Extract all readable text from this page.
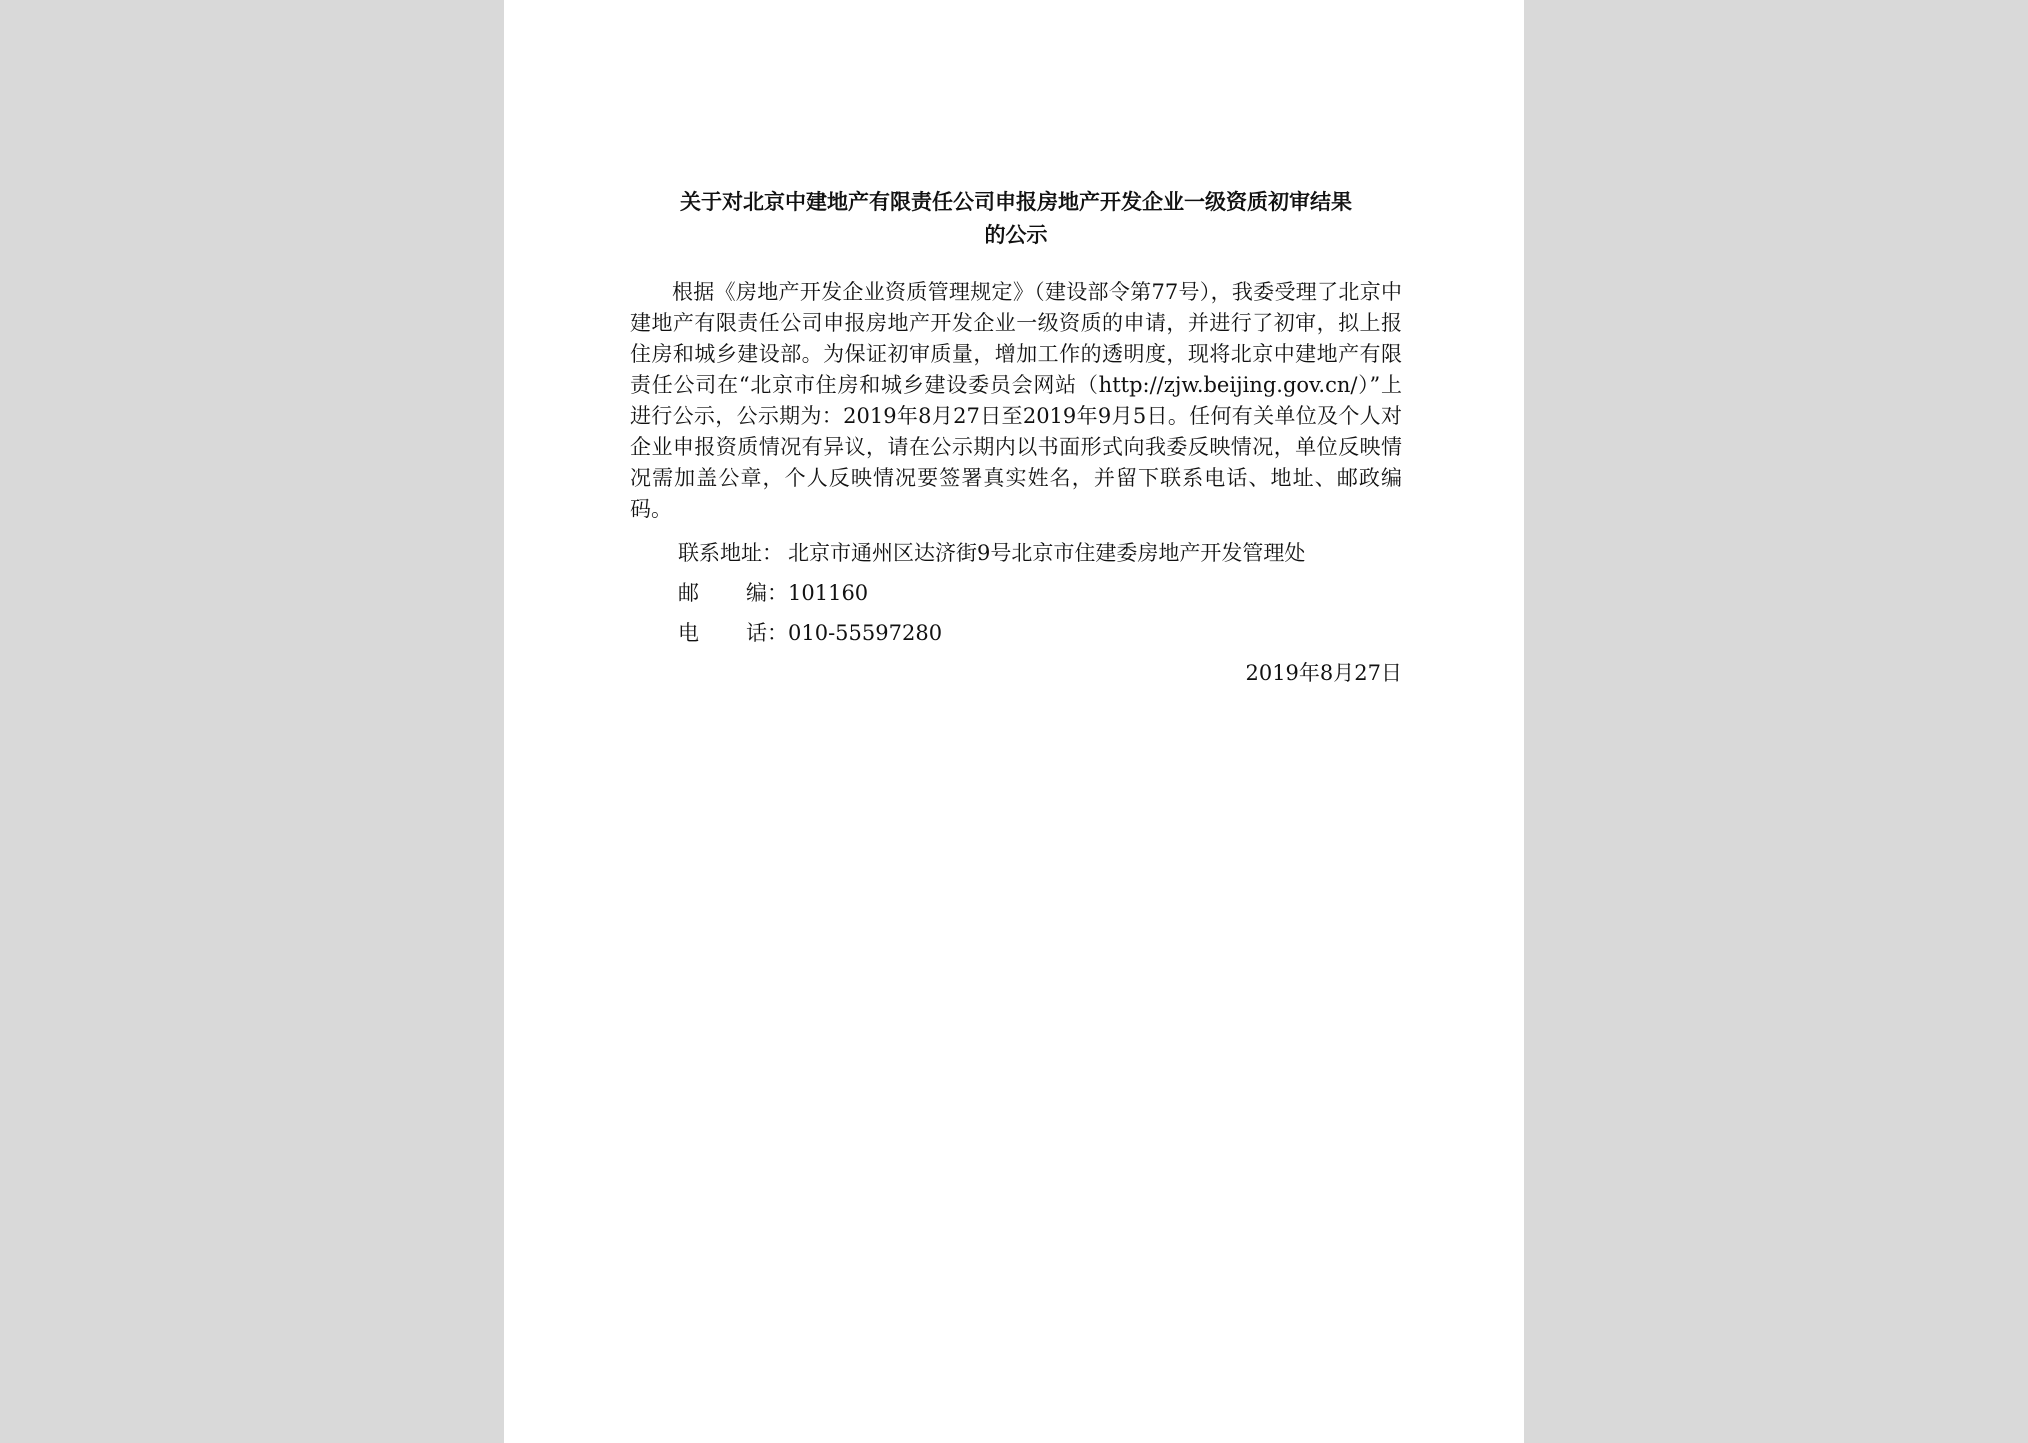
关于对北京中建地产有限责任公司申报房地产开发企业一级资质初审结果
的公示

根据《房地产开发企业资质管理规定》（建设部令第77号），我委受理了北京中建地产有限责任公司申报房地产开发企业一级资质的申请，并进行了初审，拟上报住房和城乡建设部。为保证初审质量，增加工作的透明度，现将北京中建地产有限责任公司在“北京市住房和城乡建设委员会网站（http://zjw.beijing.gov.cn/）”上进行公示，公示期为：2019年8月27日至2019年9月5日。任何有关单位及个人对企业申报资质情况有异议，请在公示期内以书面形式向我委反映情况，单位反映情况需加盖公章，个人反映情况要签署真实姓名，并留下联系电话、地址、邮政编码。

联系地址： 北京市通州区达济街9号北京市住建委房地产开发管理处
邮 编： 101160
电 话： 010-55597280

2019年8月27日
